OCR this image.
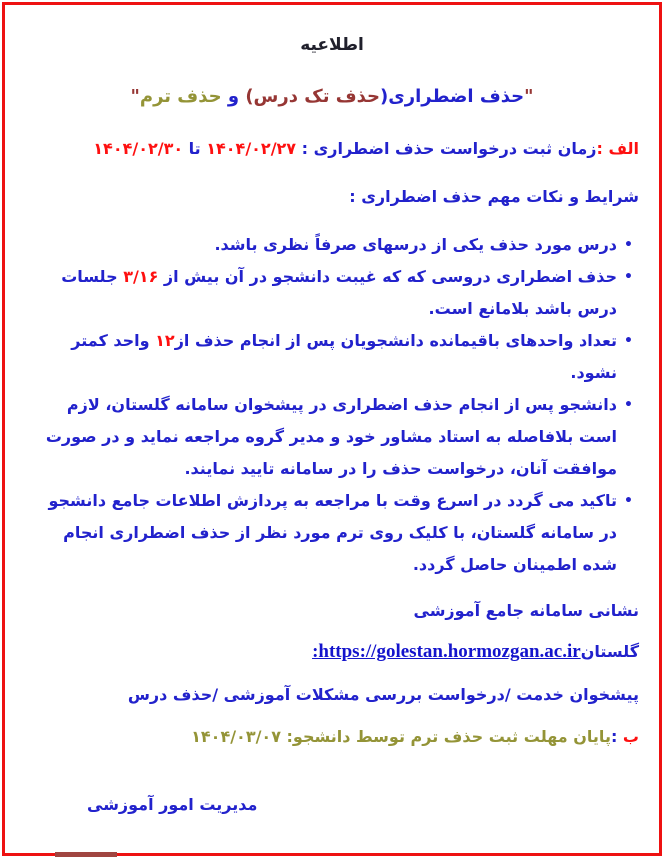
اطلاعیه

"حذف اضطراری(حذف تک درس) و حذف ترم"

الف :زمان ثبت درخواست حذف اضطراری : ۱۴۰۴/۰۲/۲۷ تا ۱۴۰۴/۰۲/۳۰

شرایط و نکات مهم حذف اضطراری :

• درس مورد حذف یکی از درسهای صرفاً نظری باشد.
• حذف اضطراری دروسی که که غیبت دانشجو در آن بیش از ۳/۱۶ جلسات درس باشد بلامانع است.
• تعداد واحدهای باقیمانده دانشجویان پس از انجام حذف از۱۲ واحد کمتر نشود.
• دانشجو پس از انجام حذف اضطراری در پیشخوان سامانه گلستان، لازم است بلافاصله به استاد مشاور خود و مدیر گروه مراجعه نماید و در صورت موافقت آنان، درخواست حذف را در سامانه تایید نمایند.
• تاکید می گردد در اسرع وقت با مراجعه به پردازش اطلاعات جامع دانشجو در سامانه گلستان، با کلیک روی ترم مورد نظر از حذف اضطراری انجام شده اطمینان حاصل گردد.

نشانی سامانه جامع آموزشی

گلستان:https://golestan.hormozgan.ac.ir

پیشخوان خدمت /درخواست بررسی مشکلات آموزشی /حذف درس

ب :پایان مهلت ثبت حذف ترم توسط دانشجو: ۱۴۰۴/۰۳/۰۷

مدیریت امور آموزشی
